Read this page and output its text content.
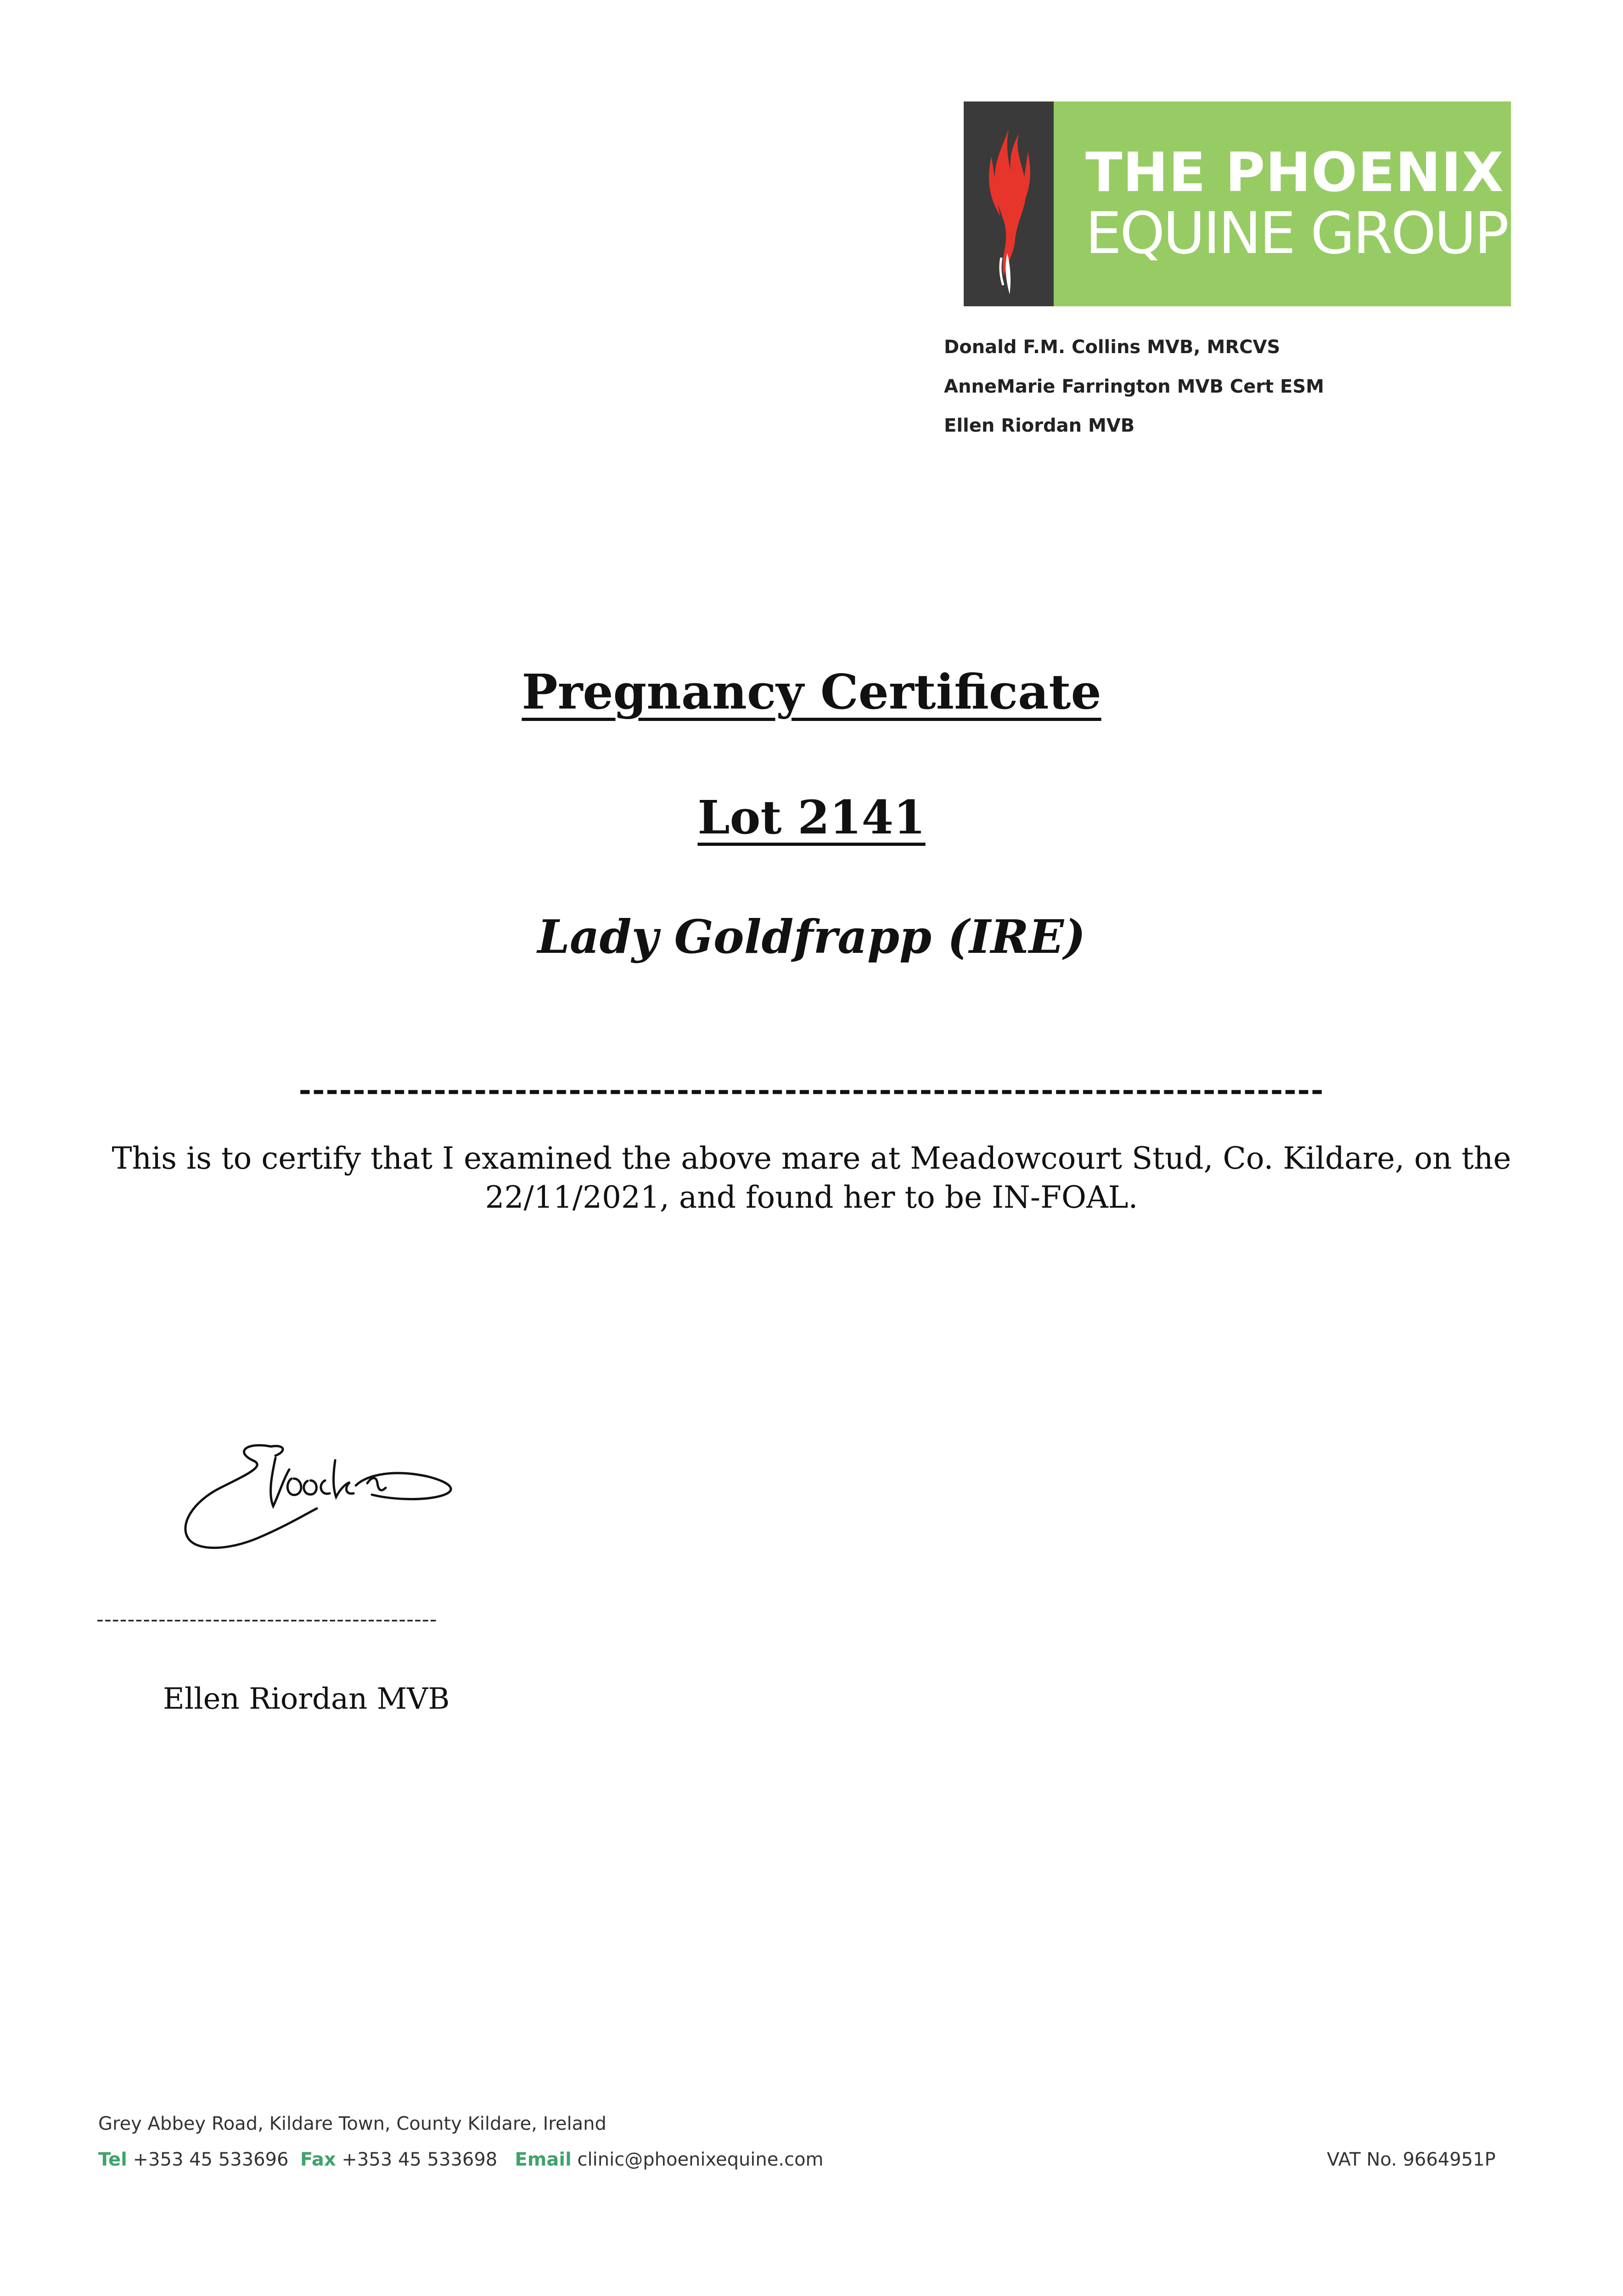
THE PHOENIX
EQUINE GROUP
Donald F.M. Collins MVB, MRCVS
AnneMarie Farrington MVB Cert ESM
Ellen Riordan MVB
Pregnancy Certificate
Lot 2141
Lady Goldfrapp (IRE)
----------------------------------------------------------------------------
This is to certify that I examined the above mare at Meadowcourt Stud, Co. Kildare, on the
22/11/2021, and found her to be IN-FOAL.
--------------------------------------------
Ellen Riordan MVB
Grey Abbey Road, Kildare Town, County Kildare, Ireland
Tel +353 45 533696 Fax +353 45 533698 Email clinic@phoenixequine.com	VAT No. 9664951P
